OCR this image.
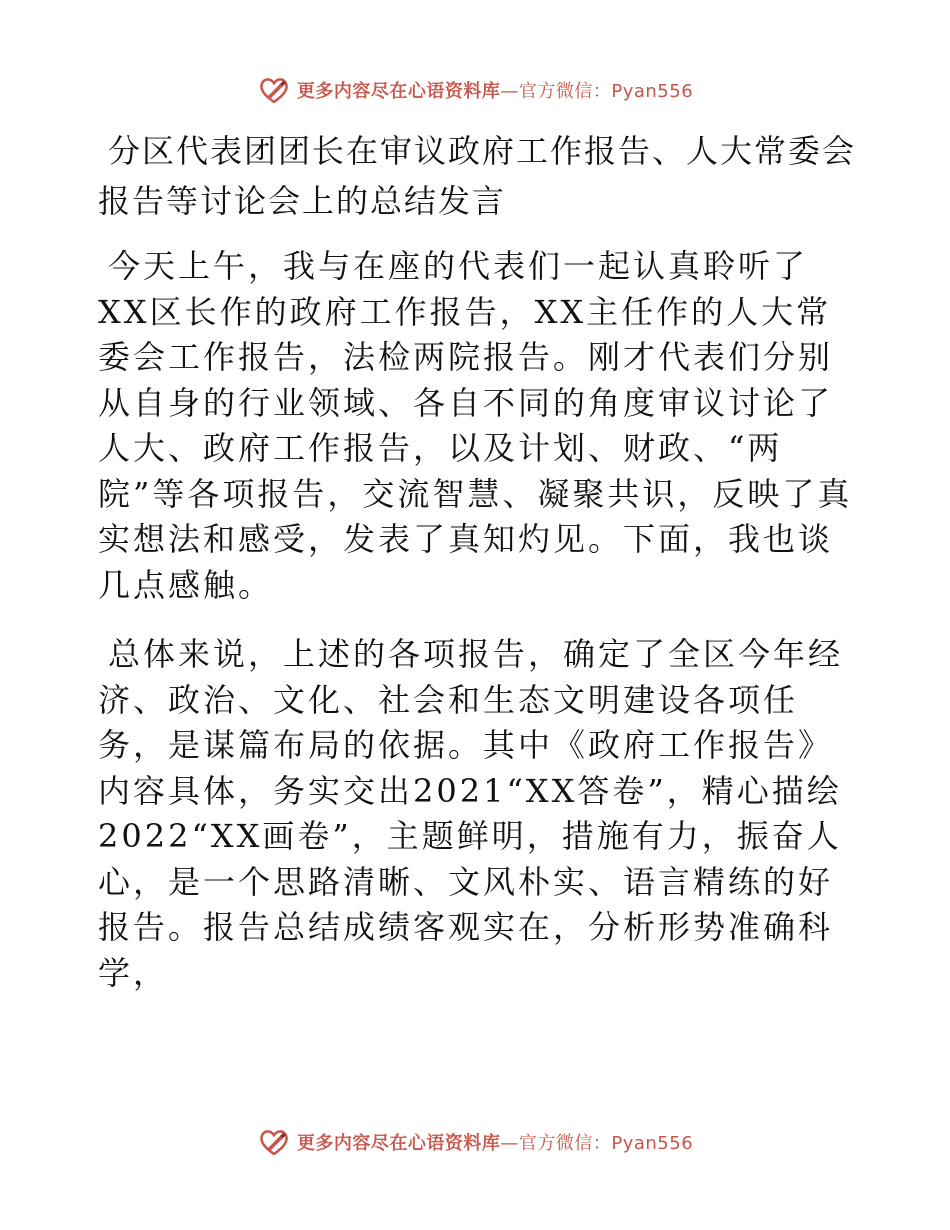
更多内容尽在心语资料库—官方微信：Pyan556
分区代表团团长在审议政府工作报告、人大常委会报告等讨论会上的总结发言

今天上午，我与在座的代表们一起认真聆听了XX区长作的政府工作报告，XX主任作的人大常委会工作报告，法检两院报告。刚才代表们分别从自身的行业领域、各自不同的角度审议讨论了人大、政府工作报告，以及计划、财政、“两院”等各项报告，交流智慧、凝聚共识，反映了真实想法和感受，发表了真知灼见。下面，我也谈几点感触。

总体来说，上述的各项报告，确定了全区今年经济、政治、文化、社会和生态文明建设各项任务，是谋篇布局的依据。其中《政府工作报告》内容具体，务实交出2021“XX答卷”，精心描绘2022“XX画卷”，主题鲜明，措施有力，振奋人心，是一个思路清晰、文风朴实、语言精练的好报告。报告总结成绩客观实在，分析形势准确科学，

更多内容尽在心语资料库—官方微信：Pyan556
